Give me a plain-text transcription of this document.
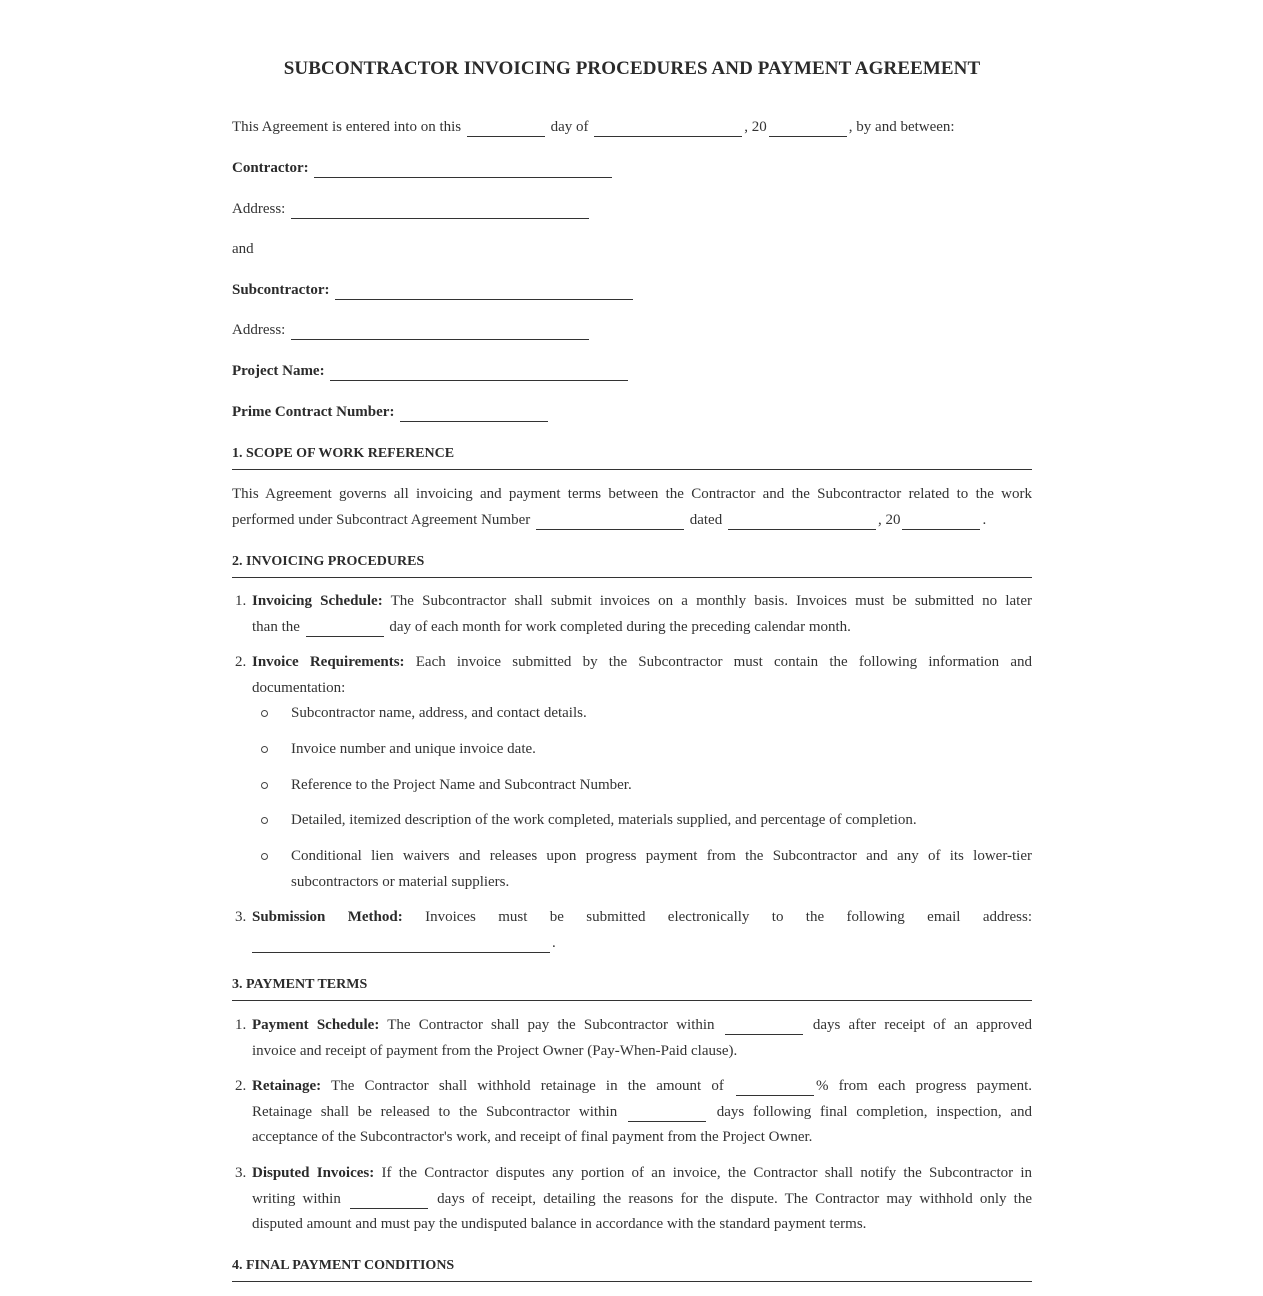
SUBCONTRACTOR INVOICING PROCEDURES AND PAYMENT AGREEMENT
This Agreement is entered into on this	day of	, 20	, by and between:
Contractor:
Address:
and
Subcontractor:
Address:
Project Name:
Prime Contract Number:
1. SCOPE OF WORK REFERENCE
This Agreement governs all invoicing and payment terms between the Contractor and the Subcontractor related to the work
performed under Subcontract Agreement Number	dated	, 20	.
2. INVOICING PROCEDURES
1. Invoicing Schedule: The Subcontractor shall submit invoices on a monthly basis. Invoices must be submitted no later
than the	day of each month for work completed during the preceding calendar month.
2. Invoice Requirements: Each invoice submitted by the Subcontractor must contain the following information and
documentation:
Subcontractor name, address, and contact details.
Invoice number and unique invoice date.
Reference to the Project Name and Subcontract Number.
Detailed, itemized description of the work completed, materials supplied, and percentage of completion.
Conditional lien waivers and releases upon progress payment from the Subcontractor and any of its lower-tier
subcontractors or material suppliers.
3. Submission Method: Invoices must be submitted electronically to the following email address:
.
3. PAYMENT TERMS
1. Payment Schedule: The Contractor shall pay the Subcontractor within	days after receipt of an approved
invoice and receipt of payment from the Project Owner (Pay-When-Paid clause).
2. Retainage: The Contractor shall withhold retainage in the amount of	% from each progress payment.
Retainage shall be released to the Subcontractor within	days following final completion, inspection, and
acceptance of the Subcontractor's work, and receipt of final payment from the Project Owner.
3. Disputed Invoices: If the Contractor disputes any portion of an invoice, the Contractor shall notify the Subcontractor in
writing within	days of receipt, detailing the reasons for the dispute. The Contractor may withhold only the
disputed amount and must pay the undisputed balance in accordance with the standard payment terms.
4. FINAL PAYMENT CONDITIONS
